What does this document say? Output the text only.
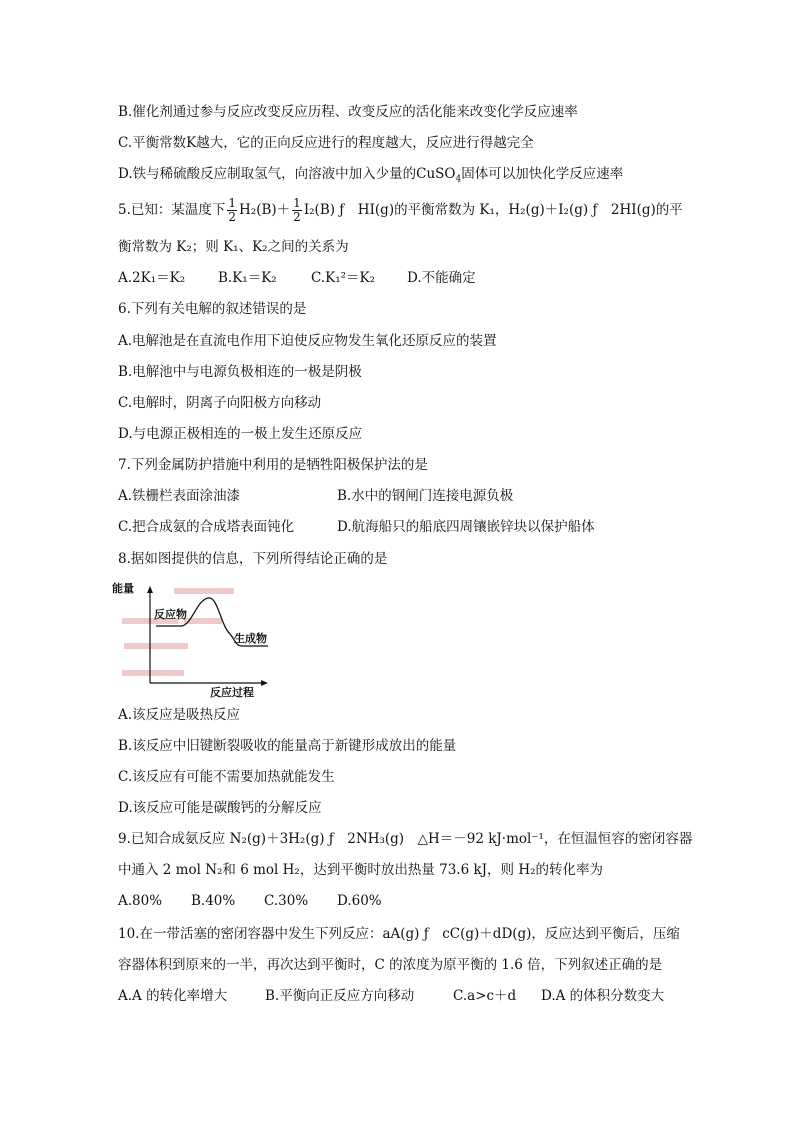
B.催化剂通过参与反应改变反应历程、改变反应的活化能来改变化学反应速率
C.平衡常数K越大，它的正向反应进行的程度越大，反应进行得越完全
D.铁与稀硫酸反应制取氢气，向溶液中加入少量的CuSO$_4$固体可以加快化学反应速率
5.已知：某温度下 $\frac{1}{2} H_2(B)+ \frac{1}{2} I_2(B)$ ƒ　HI(g)的平衡常数为 K₁，H₂(g)＋I₂(g) ƒ　2HI(g)的平
衡常数为 K₂；则 K₁、K₂之间的关系为
A.2K₁＝K₂ B.K₁＝K₂	C.K₁²＝K₂ D.不能确定
6.下列有关电解的叙述错误的是
A.电解池是在直流电作用下迫使反应物发生氧化还原反应的装置
B.电解池中与电源负极相连的一极是阴极
C.电解时，阴离子向阳极方向移动
D.与电源正极相连的一极上发生还原反应
7.下列金属防护措施中利用的是牺牲阳极保护法的是
A.铁栅栏表面涂油漆	B.水中的钢闸门连接电源负极
C.把合成氨的合成塔表面钝化	D.航海船只的船底四周镶嵌锌块以保护船体
8.据如图提供的信息，下列所得结论正确的是
能量
反应过程
反应物
生成物
A.该反应是吸热反应
B.该反应中旧键断裂吸收的能量高于新键形成放出的能量
C.该反应有可能不需要加热就能发生
D.该反应可能是碳酸钙的分解反应
9.已知合成氨反应 N₂(g)＋3H₂(g) ƒ　2NH₃(g)　△H＝－92 kJ·mol⁻¹，在恒温恒容的密闭容器
中通入 2 mol N₂和 6 mol H₂，达到平衡时放出热量 73.6 kJ，则 H₂的转化率为
A.80% B.40% C.30% D.60%
10.在一带活塞的密闭容器中发生下列反应：aA(g) ƒ　cC(g)＋dD(g)，反应达到平衡后，压缩
容器体积到原来的一半，再次达到平衡时，C 的浓度为原平衡的 1.6 倍，下列叙述正确的是
A.A 的转化率增大	B.平衡向正反应方向移动	C.a>c＋d D.A 的体积分数变大
